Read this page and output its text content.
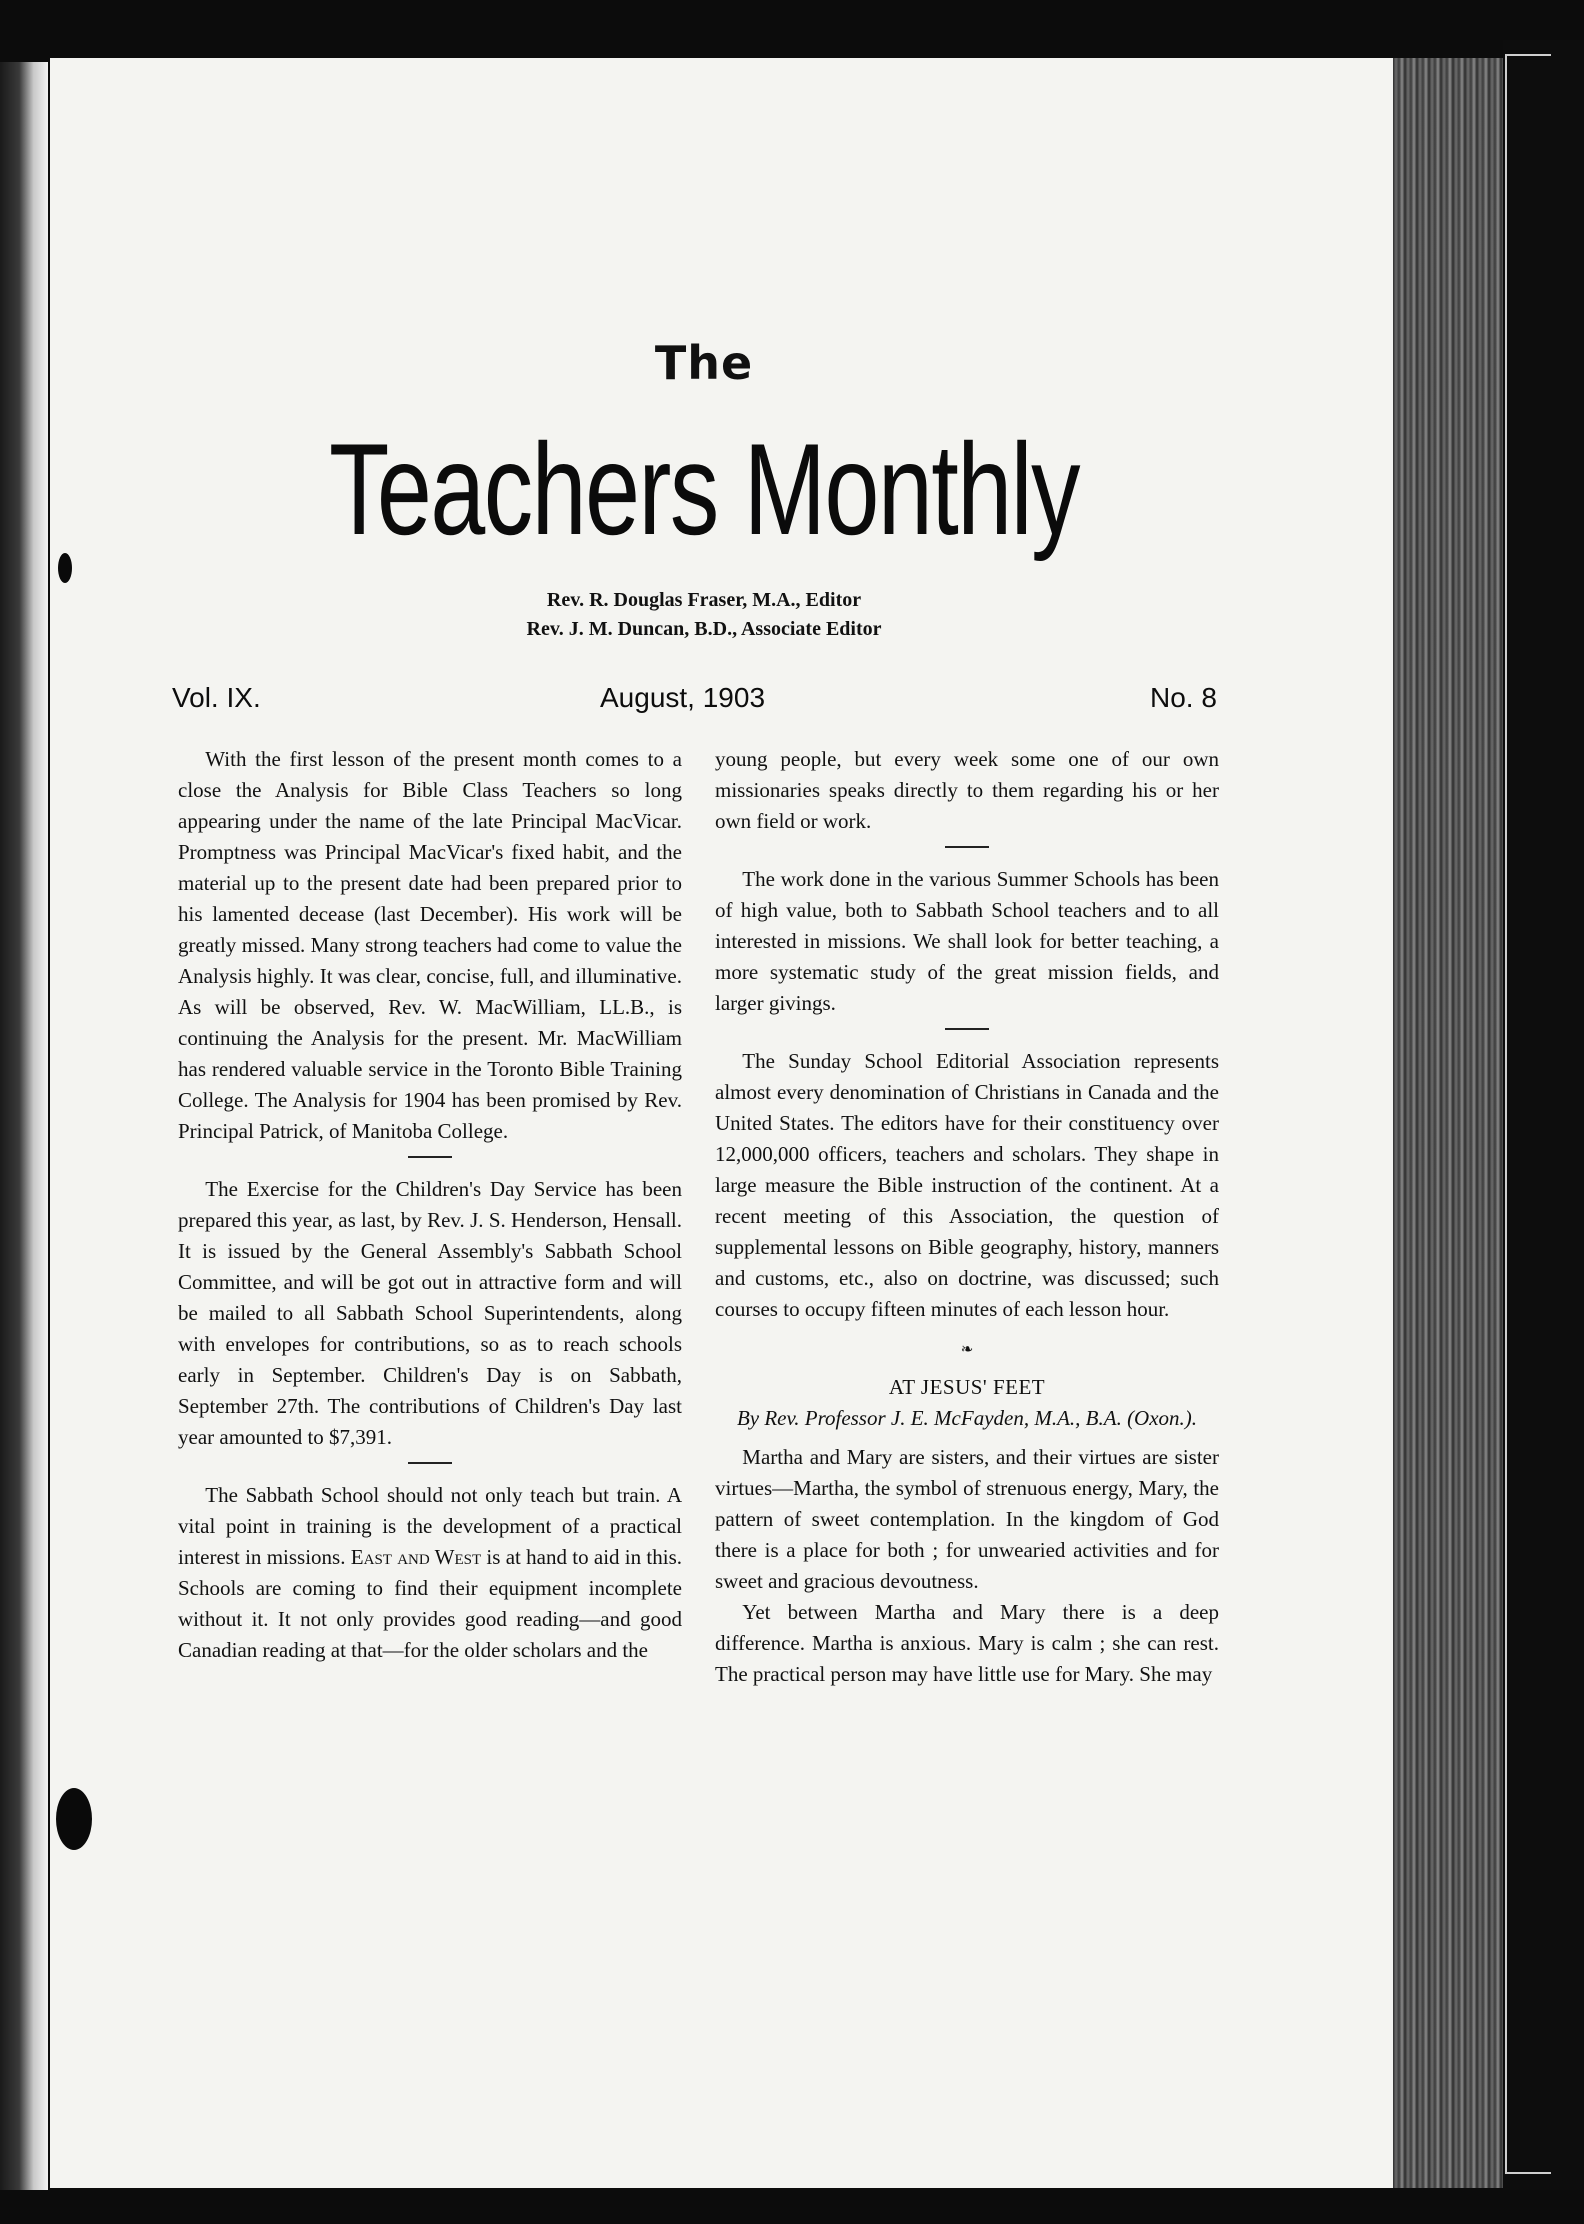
The
Teachers Monthly
Rev. R. Douglas Fraser, M.A., Editor
Rev. J. M. Duncan, B.D., Associate Editor
Vol. IX.	August, 1903	No. 8

With the first lesson of the present month comes to a close the Analysis for Bible Class Teachers so long appearing under the name of the late Principal MacVicar. Promptness was Principal MacVicar's fixed habit, and the material up to the present date had been prepared prior to his lamented decease (last December). His work will be greatly missed. Many strong teachers had come to value the Analysis highly. It was clear, concise, full, and illuminative. As will be observed, Rev. W. MacWilliam, LL.B., is continuing the Analysis for the present. Mr. MacWilliam has rendered valuable service in the Toronto Bible Training College. The Analysis for 1904 has been promised by Rev. Principal Patrick, of Manitoba College.

The Exercise for the Children's Day Service has been prepared this year, as last, by Rev. J. S. Henderson, Hensall. It is issued by the General Assembly's Sabbath School Committee, and will be got out in attractive form and will be mailed to all Sabbath School Superintendents, along with envelopes for contributions, so as to reach schools early in September. Children's Day is on Sabbath, September 27th. The contributions of Children's Day last year amounted to $7,391.

The Sabbath School should not only teach but train. A vital point in training is the development of a practical interest in missions. East and West is at hand to aid in this. Schools are coming to find their equipment incomplete without it. It not only provides good reading—and good Canadian reading at that—for the older scholars and the

young people, but every week some one of our own missionaries speaks directly to them regarding his or her own field or work.

The work done in the various Summer Schools has been of high value, both to Sabbath School teachers and to all interested in missions. We shall look for better teaching, a more systematic study of the great mission fields, and larger givings.

The Sunday School Editorial Association represents almost every denomination of Christians in Canada and the United States. The editors have for their constituency over 12,000,000 officers, teachers and scholars. They shape in large measure the Bible instruction of the continent. At a recent meeting of this Association, the question of supplemental lessons on Bible geography, history, manners and customs, etc., also on doctrine, was discussed; such courses to occupy fifteen minutes of each lesson hour.

❧
AT JESUS' FEET
By Rev. Professor J. E. McFayden, M.A., B.A. (Oxon.).

Martha and Mary are sisters, and their virtues are sister virtues—Martha, the symbol of strenuous energy, Mary, the pattern of sweet contemplation. In the kingdom of God there is a place for both ; for unwearied activities and for sweet and gracious devoutness.

Yet between Martha and Mary there is a deep difference. Martha is anxious. Mary is calm ; she can rest. The practical person may have little use for Mary. She may
